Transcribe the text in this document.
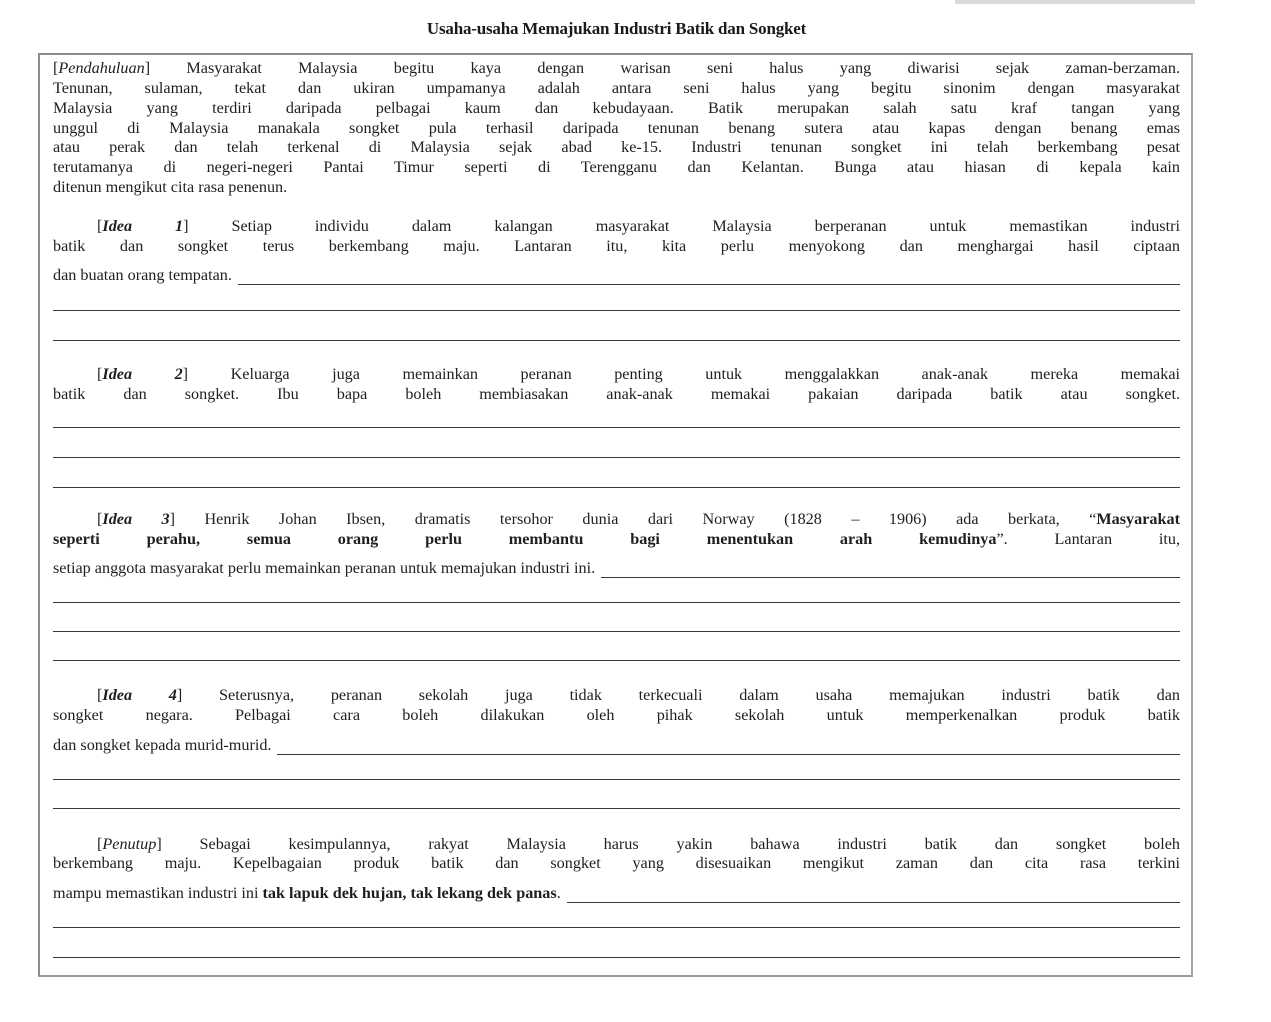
Usaha-usaha Memajukan Industri Batik dan Songket
[Pendahuluan] Masyarakat Malaysia begitu kaya dengan warisan seni halus yang diwarisi sejak zaman-berzaman.
Tenunan, sulaman, tekat dan ukiran umpamanya adalah antara seni halus yang begitu sinonim dengan masyarakat
Malaysia yang terdiri daripada pelbagai kaum dan kebudayaan. Batik merupakan salah satu kraf tangan yang
unggul di Malaysia manakala songket pula terhasil daripada tenunan benang sutera atau kapas dengan benang emas
atau perak dan telah terkenal di Malaysia sejak abad ke-15. Industri tenunan songket ini telah berkembang pesat
terutamanya di negeri-negeri Pantai Timur seperti di Terengganu dan Kelantan. Bunga atau hiasan di kepala kain
ditenun mengikut cita rasa penenun.
[Idea 1] Setiap individu dalam kalangan masyarakat Malaysia berperanan untuk memastikan industri
batik dan songket terus berkembang maju. Lantaran itu, kita perlu menyokong dan menghargai hasil ciptaan
dan buatan orang tempatan.
[Idea 2] Keluarga juga memainkan peranan penting untuk menggalakkan anak-anak mereka memakai
batik dan songket. Ibu bapa boleh membiasakan anak-anak memakai pakaian daripada batik atau songket.
[Idea 3] Henrik Johan Ibsen, dramatis tersohor dunia dari Norway (1828 – 1906) ada berkata, “Masyarakat
seperti perahu, semua orang perlu membantu bagi menentukan arah kemudinya”. Lantaran itu,
setiap anggota masyarakat perlu memainkan peranan untuk memajukan industri ini.
[Idea 4] Seterusnya, peranan sekolah juga tidak terkecuali dalam usaha memajukan industri batik dan
songket negara. Pelbagai cara boleh dilakukan oleh pihak sekolah untuk memperkenalkan produk batik
dan songket kepada murid-murid.
[Penutup] Sebagai kesimpulannya, rakyat Malaysia harus yakin bahawa industri batik dan songket boleh
berkembang maju. Kepelbagaian produk batik dan songket yang disesuaikan mengikut zaman dan cita rasa terkini
mampu memastikan industri ini tak lapuk dek hujan, tak lekang dek panas.
